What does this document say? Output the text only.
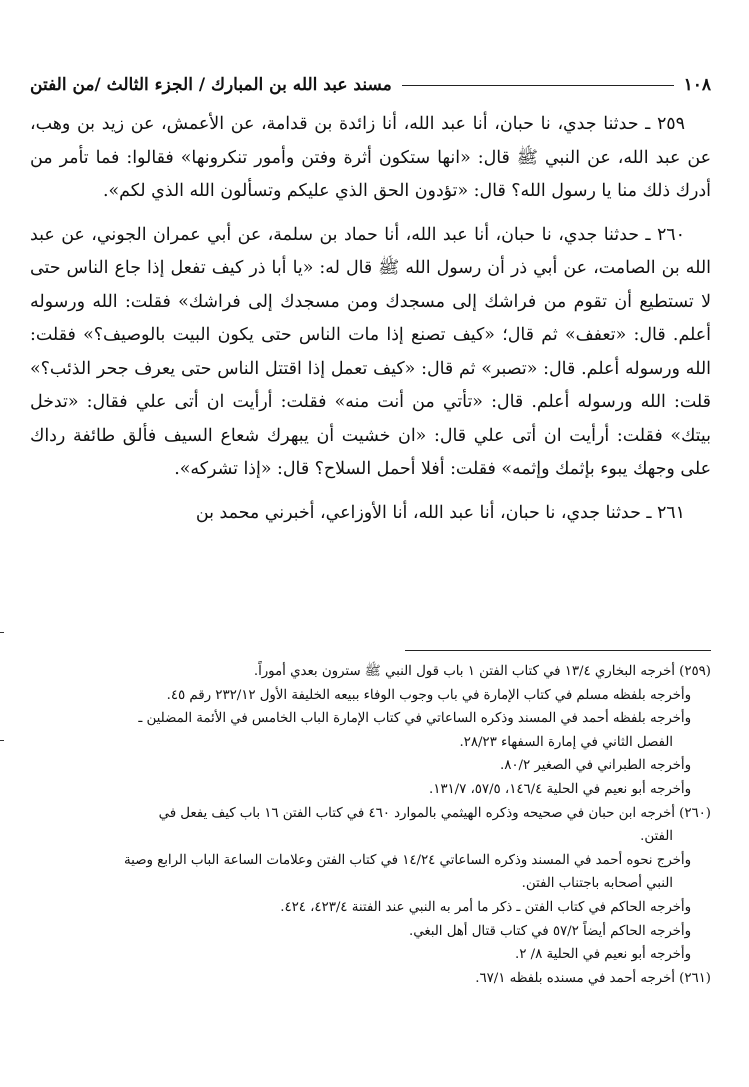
١٠٨
مسند عبد الله بن المبارك / الجزء الثالث /من الفتن

٢٥٩ ـ حدثنا جدي، نا حبان، أنا عبد الله، أنا زائدة بن قدامة، عن الأعمش، عن زيد بن وهب، عن عبد الله، عن النبي ﷺ قال: «انها ستكون أثرة وفتن وأمور تنكرونها» فقالوا: فما تأمر من أدرك ذلك منا يا رسول الله؟ قال: «تؤدون الحق الذي عليكم وتسألون الله الذي لكم».

٢٦٠ ـ حدثنا جدي، نا حبان، أنا عبد الله، أنا حماد بن سلمة، عن أبي عمران الجوني، عن عبد الله بن الصامت، عن أبي ذر أن رسول الله ﷺ قال له: «يا أبا ذر كيف تفعل إذا جاع الناس حتى لا تستطيع أن تقوم من فراشك إلى مسجدك ومن مسجدك إلى فراشك» فقلت: الله ورسوله أعلم. قال: «تعفف» ثم قال؛ «كيف تصنع إذا مات الناس حتى يكون البيت بالوصيف؟» فقلت: الله ورسوله أعلم. قال: «تصبر» ثم قال: «كيف تعمل إذا اقتتل الناس حتى يعرف جحر الذئب؟» قلت: الله ورسوله أعلم. قال: «تأتي من أنت منه» فقلت: أرأيت ان أتى علي فقال: «تدخل بيتك» فقلت: أرأيت ان أتى علي قال: «ان خشيت أن يبهرك شعاع السيف فألق طائفة رداك على وجهك يبوء بإثمك وإثمه» فقلت: أفلا أحمل السلاح؟ قال: «إذا تشركه».

٢٦١ ـ حدثنا جدي، نا حبان، أنا عبد الله، أنا الأوزاعي، أخبرني محمد بن

(٢٥٩) أخرجه البخاري ١٣/٤ في كتاب الفتن ١ باب قول النبي ﷺ سترون بعدي أموراً.

وأخرجه بلفظه مسلم في كتاب الإمارة في باب وجوب الوفاء ببيعه الخليفة الأول ٢٣٢/١٢ رقم ٤٥.

وأخرجه بلفظه أحمد في المسند وذكره الساعاتي في كتاب الإمارة الباب الخامس في الأئمة المضلين ـ

الفصل الثاني في إمارة السفهاء ٢٨/٢٣.

وأخرجه الطبراني في الصغير ٨٠/٢.

وأخرجه أبو نعيم في الحلية ١٤٦/٤، ٥٧/٥، ١٣١/٧.

(٢٦٠) أخرجه ابن حبان في صحيحه وذكره الهيثمي بالموارد ٤٦٠ في كتاب الفتن ١٦ باب كيف يفعل في

الفتن.

وأخرج نحوه أحمد في المسند وذكره الساعاتي ١٤/٢٤ في كتاب الفتن وعلامات الساعة الباب الرابع وصية

النبي أصحابه باجتناب الفتن.

وأخرجه الحاكم في كتاب الفتن ـ ذكر ما أمر به النبي عند الفتنة ٤٢٣/٤، ٤٢٤.

وأخرجه الحاكم أيضاً ٥٧/٢ في كتاب قتال أهل البغي.

وأخرجه أبو نعيم في الحلية ٨/ ٢.

(٢٦١) أخرجه أحمد في مسنده بلفظه ٦٧/١.
